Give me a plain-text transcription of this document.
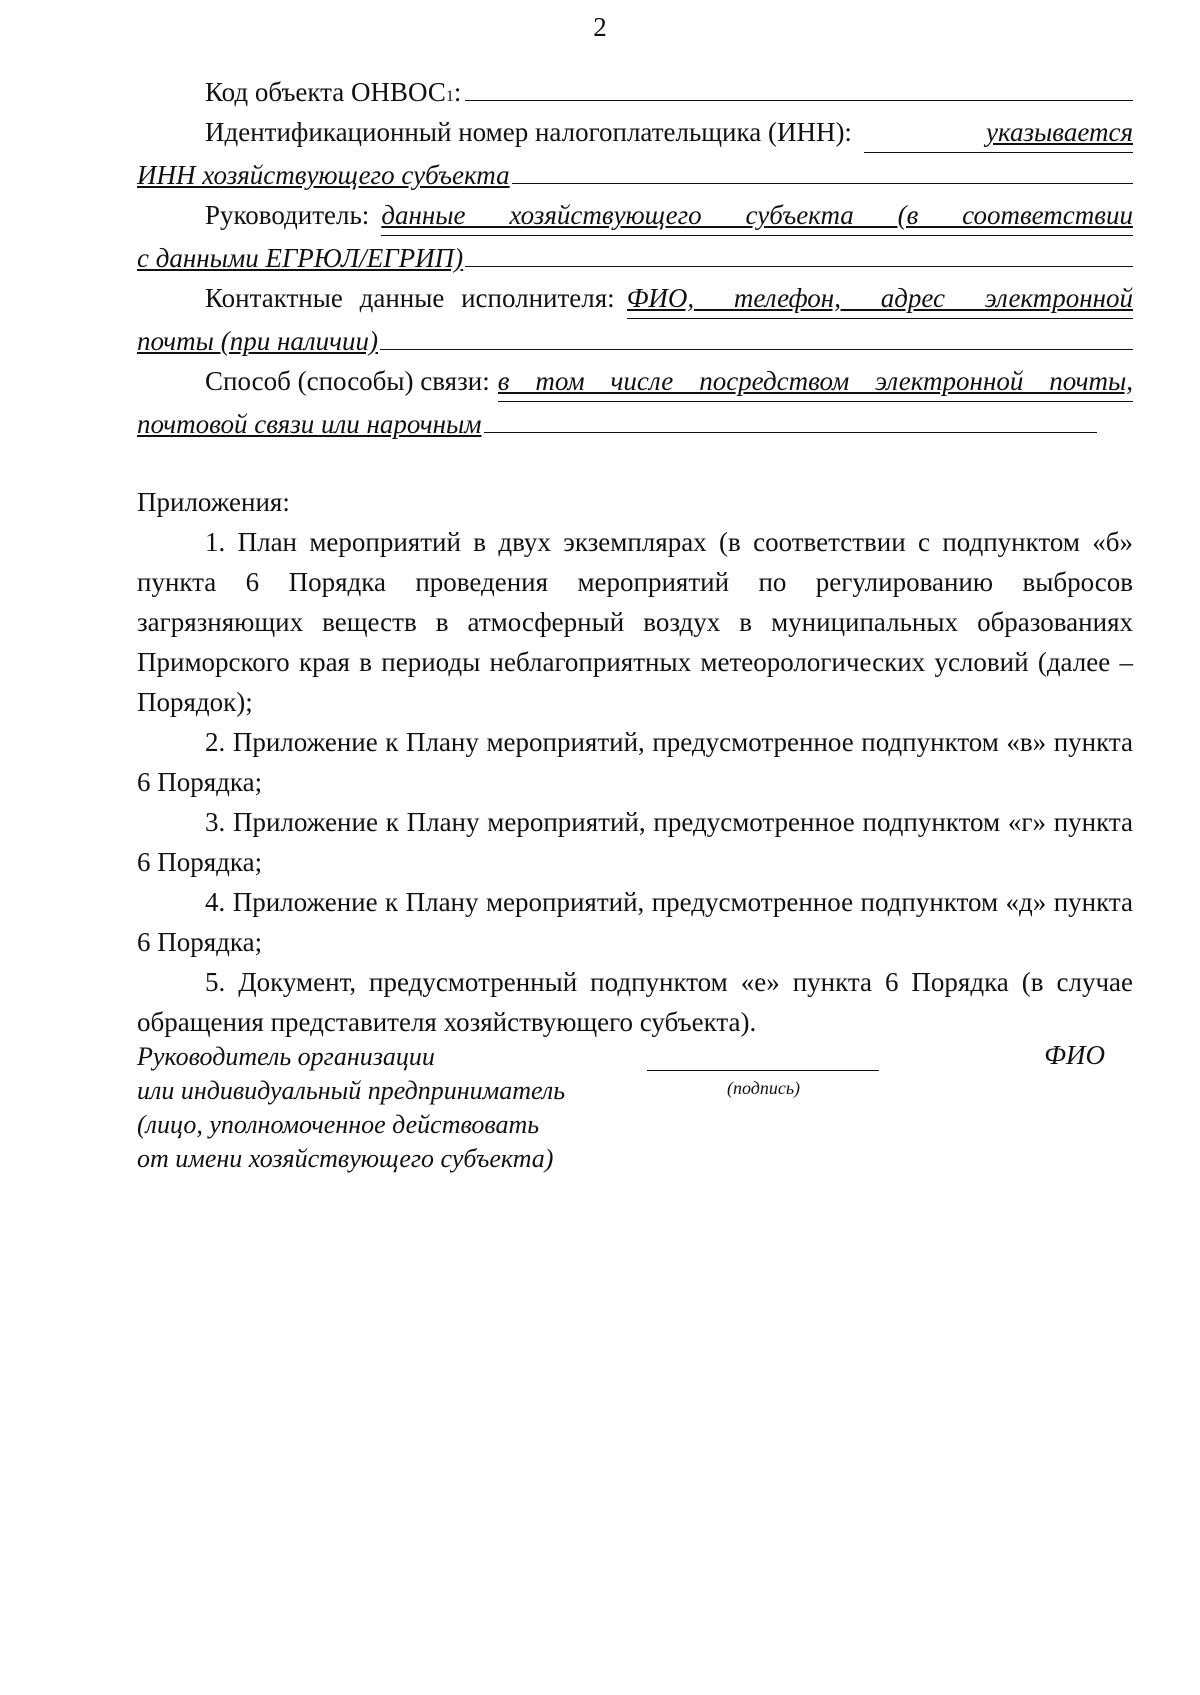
2
Код объекта ОНВОС 1 :
Идентификационный номер налогоплательщика (ИНН):	указывается
ИНН хозяйствующего субъекта
Руководитель: данные хозяйствующего субъекта (в соответствии
с данными ЕГРЮЛ/ЕГРИП)
Контактные данные исполнителя: ФИО, телефон, адрес электронной
почты (при наличии)
Способ (способы) связи: в том числе посредством электронной почты,
почтовой связи или нарочным

Приложения:

1. План мероприятий в двух экземплярах (в соответствии с подпунктом «б» пункта 6 Порядка проведения мероприятий по регулированию выбросов загрязняющих веществ в атмосферный воздух в муниципальных образованиях Приморского края в периоды неблагоприятных метеорологических условий (далее – Порядок);

2. Приложение к Плану мероприятий, предусмотренное подпунктом «в» пункта 6 Порядка;

3. Приложение к Плану мероприятий, предусмотренное подпунктом «г» пункта 6 Порядка;

4. Приложение к Плану мероприятий, предусмотренное подпунктом «д» пункта 6 Порядка;

5. Документ, предусмотренный подпунктом «е» пункта 6 Порядка (в случае обращения представителя хозяйствующего субъекта).

Руководитель организации
или индивидуальный предприниматель
(лицо, уполномоченное действовать
от имени хозяйствующего субъекта)
(подпись)
ФИО
